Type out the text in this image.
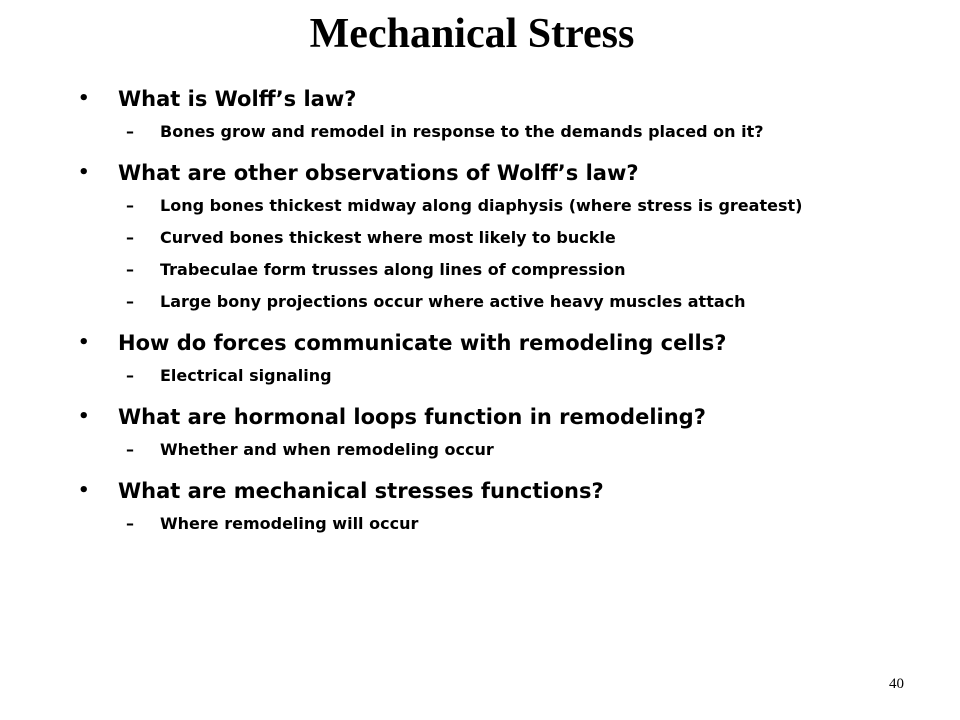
Mechanical Stress
• What is Wolff’s law?
– Bones grow and remodel in response to the demands placed on it?
• What are other observations of Wolff’s law?
– Long bones thickest midway along diaphysis (where stress is greatest)
– Curved bones thickest where most likely to buckle
– Trabeculae form trusses along lines of compression
– Large bony projections occur where active heavy muscles attach
• How do forces communicate with remodeling cells?
– Electrical signaling
• What are hormonal loops function in remodeling?
– Whether and when remodeling occur
• What are mechanical stresses functions?
– Where remodeling will occur
40
